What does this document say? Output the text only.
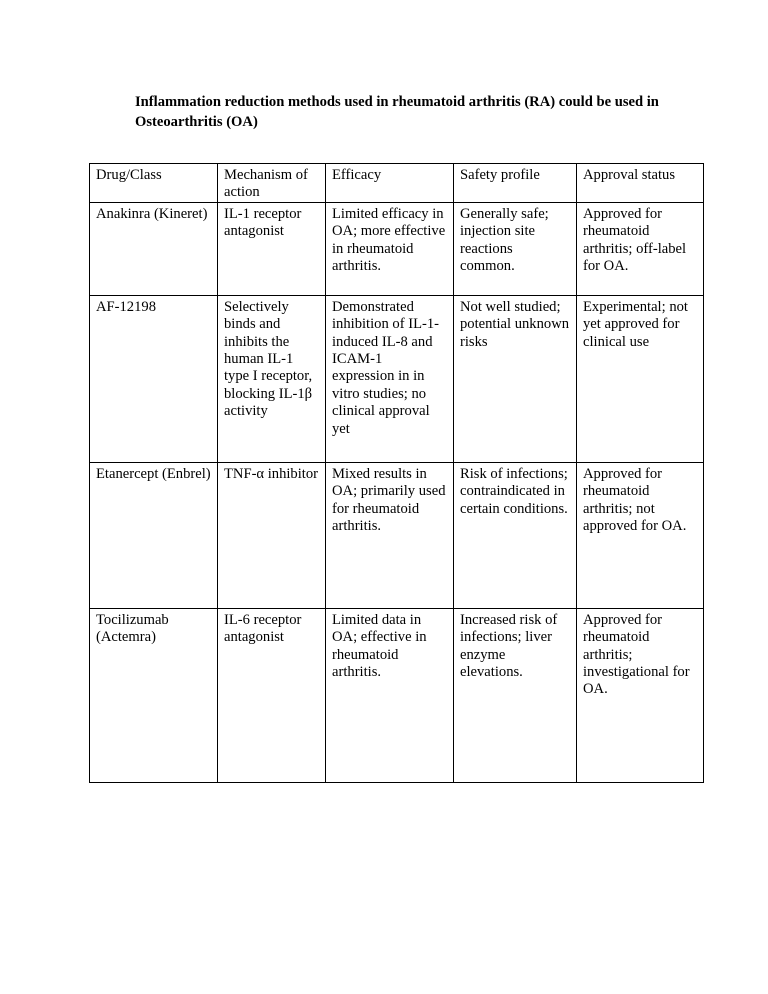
Inflammation reduction methods used in rheumatoid arthritis (RA) could be used in Osteoarthritis (OA)

Drug/Class	Mechanism of action	Efficacy	Safety profile	Approval status
Anakinra (Kineret)	IL-1 receptor antagonist	Limited efficacy in OA; more effective in rheumatoid arthritis.	Generally safe; injection site reactions common.	Approved for rheumatoid arthritis; off-label for OA.
AF-12198	Selectively binds and inhibits the human IL-1 type I receptor, blocking IL-1β activity	Demonstrated inhibition of IL-1-induced IL-8 and ICAM-1 expression in in vitro studies; no clinical approval yet	Not well studied; potential unknown risks	Experimental; not yet approved for clinical use
Etanercept (Enbrel)	TNF-α inhibitor	Mixed results in OA; primarily used for rheumatoid arthritis.	Risk of infections; contraindicated in certain conditions.	Approved for rheumatoid arthritis; not approved for OA.
Tocilizumab (Actemra)	IL-6 receptor antagonist	Limited data in OA; effective in rheumatoid arthritis.	Increased risk of infections; liver enzyme elevations.	Approved for rheumatoid arthritis; investigational for OA.
